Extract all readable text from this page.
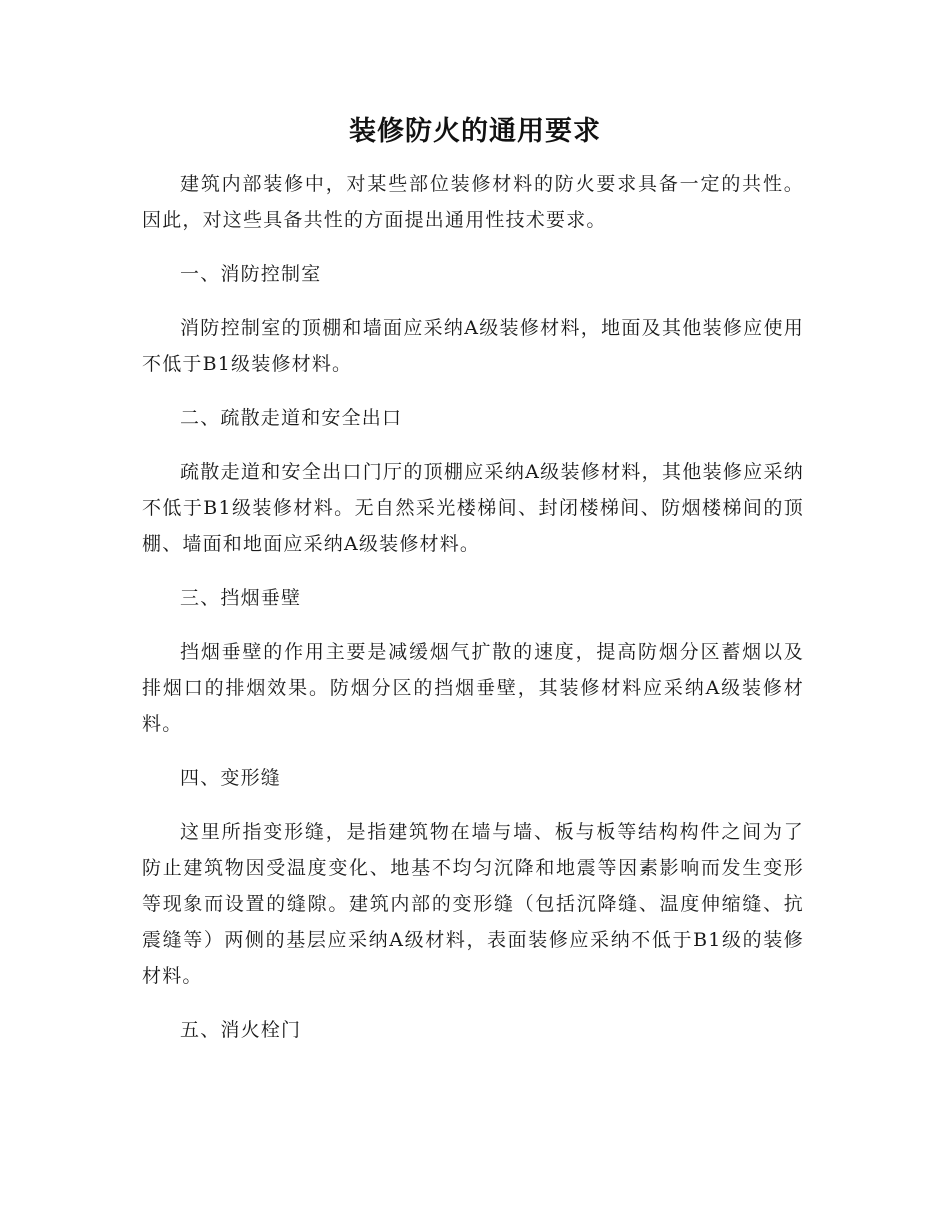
装修防火的通用要求

建筑内部装修中，对某些部位装修材料的防火要求具备一定的共性。因此，对这些具备共性的方面提出通用性技术要求。

一、消防控制室

消防控制室的顶棚和墙面应采纳A级装修材料，地面及其他装修应使用不低于B1级装修材料。

二、疏散走道和安全出口

疏散走道和安全出口门厅的顶棚应采纳A级装修材料，其他装修应采纳不低于B1级装修材料。无自然采光楼梯间、封闭楼梯间、防烟楼梯间的顶棚、墙面和地面应采纳A级装修材料。

三、挡烟垂壁

挡烟垂壁的作用主要是减缓烟气扩散的速度，提高防烟分区蓄烟以及排烟口的排烟效果。防烟分区的挡烟垂壁，其装修材料应采纳A级装修材料。

四、变形缝

这里所指变形缝，是指建筑物在墙与墙、板与板等结构构件之间为了防止建筑物因受温度变化、地基不均匀沉降和地震等因素影响而发生变形等现象而设置的缝隙。建筑内部的变形缝（包括沉降缝、温度伸缩缝、抗震缝等）两侧的基层应采纳A级材料，表面装修应采纳不低于B1级的装修材料。

五、消火栓门
